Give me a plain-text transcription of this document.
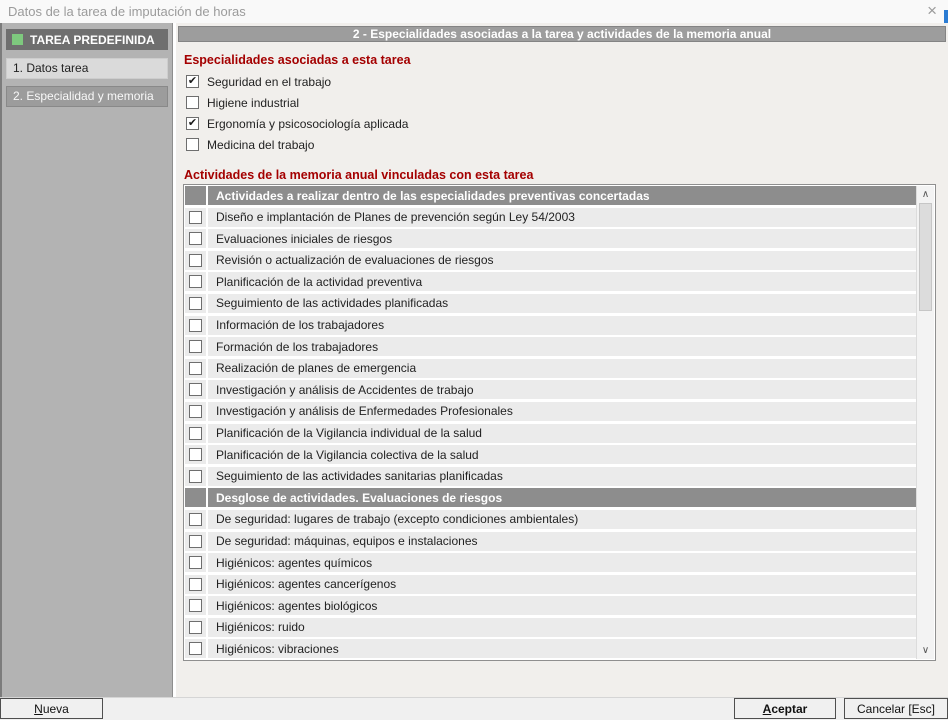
Datos de la tarea de imputación de horas	×
TAREA PREDEFINIDA
1. Datos tarea
2. Especialidad y memoria
2 - Especialidades asociadas a la tarea y actividades de la memoria anual
Especialidades asociadas a esta tarea
✔ Seguridad en el trabajo
Higiene industrial
✔ Ergonomía y psicosociología aplicada
Medicina del trabajo
Actividades de la memoria anual vinculadas con esta tarea
Actividades a realizar dentro de las especialidades preventivas concertadas
Diseño e implantación de Planes de prevención según Ley 54/2003
Evaluaciones iniciales de riesgos
Revisión o actualización de evaluaciones de riesgos
Planificación de la actividad preventiva
Seguimiento de las actividades planificadas
Información de los trabajadores
Formación de los trabajadores
Realización de planes de emergencia
Investigación y análisis de Accidentes de trabajo
Investigación y análisis de Enfermedades Profesionales
Planificación de la Vigilancia individual de la salud
Planificación de la Vigilancia colectiva de la salud
Seguimiento de las actividades sanitarias planificadas
Desglose de actividades. Evaluaciones de riesgos
De seguridad: lugares de trabajo (excepto condiciones ambientales)
De seguridad: máquinas, equipos e instalaciones
Higiénicos: agentes químicos
Higiénicos: agentes cancerígenos
Higiénicos: agentes biológicos
Higiénicos: ruido
Higiénicos: vibraciones
∧
∨
Nueva	Aceptar	Cancelar [Esc]
